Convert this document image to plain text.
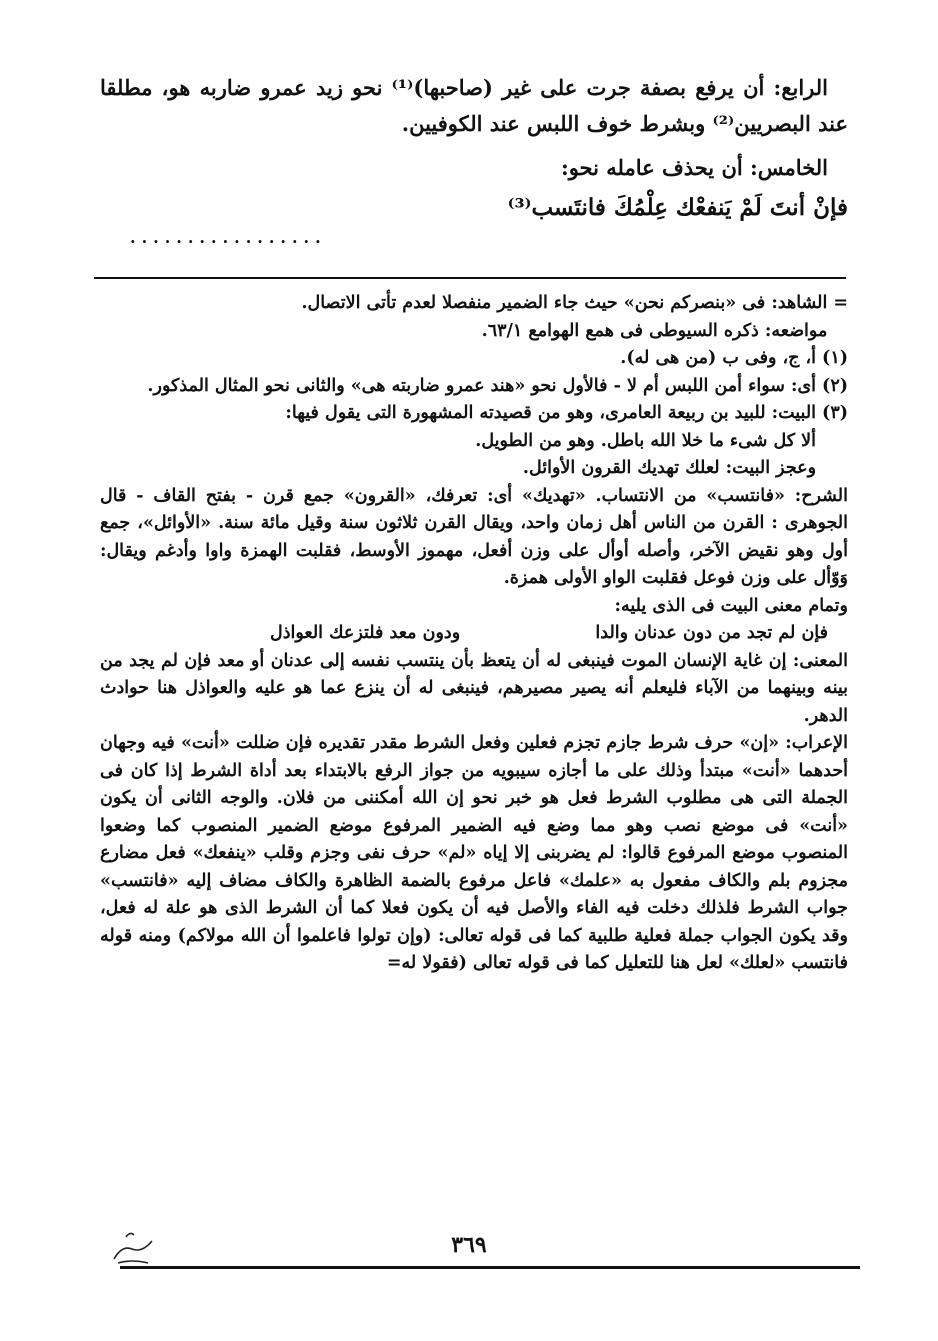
الرابع: أن يرفع بصفة جرت على غير (صاحبها)⁽¹⁾ نحو زيد عمرو ضاربه هو، مطلقا عند البصريين⁽²⁾ وبشرط خوف اللبس عند الكوفيين.
الخامس: أن يحذف عامله نحو:
فإنْ أنتَ لَمْ يَنفعْك عِلْمُكَ فانتَسب⁽³⁾
.................
=
الشاهد: فى «بنصركم نحن» حيث جاء الضمير منفصلا لعدم تأتى الاتصال.
مواضعه: ذكره السيوطى فى همع الهوامع ٦٣/١.
(١)
أ، ج، وفى ب (من هى له).
(٢)
أى: سواء أمن اللبس أم لا - فالأول نحو «هند عمرو ضاربته هى» والثانى نحو المثال المذكور.
(٣)
البيت: للبيد بن ربيعة العامرى، وهو من قصيدته المشهورة التى يقول فيها:
ألا كل شىء ما خلا الله باطل. وهو من الطويل.
وعجز البيت: لعلك تهديك القرون الأوائل.
الشرح: «فانتسب» من الانتساب. «تهديك» أى: تعرفك، «القرون» جمع قرن - بفتح القاف - قال الجوهرى : القرن من الناس أهل زمان واحد، ويقال القرن ثلاثون سنة وقيل مائة سنة. «الأوائل»، جمع أول وهو نقيض الآخر، وأصله أوأل على وزن أفعل، مهموز الأوسط، فقلبت الهمزة واوا وأدغم ويقال: وَوّأل على وزن فوعل فقلبت الواو الأولى همزة.
وتمام معنى البيت فى الذى يليه:
فإن لم تجد من دون عدنان والدا
ودون معد فلتزعك العواذل
المعنى: إن غاية الإنسان الموت فينبغى له أن يتعظ بأن ينتسب نفسه إلى عدنان أو معد فإن لم يجد من بينه وبينهما من الآباء فليعلم أنه يصير مصيرهم، فينبغى له أن ينزع عما هو عليه والعواذل هنا حوادث الدهر.
الإعراب: «إن» حرف شرط جازم تجزم فعلين وفعل الشرط مقدر تقديره فإن ضللت «أنت» فيه وجهان أحدهما «أنت» مبتدأ وذلك على ما أجازه سيبويه من جواز الرفع بالابتداء بعد أداة الشرط إذا كان فى الجملة التى هى مطلوب الشرط فعل هو خبر نحو إن الله أمكننى من فلان. والوجه الثانى أن يكون «أنت» فى موضع نصب وهو مما وضع فيه الضمير المرفوع موضع الضمير المنصوب كما وضعوا المنصوب موضع المرفوع قالوا: لم يضربنى إلا إياه «لم» حرف نفى وجزم وقلب «ينفعك» فعل مضارع مجزوم بلم والكاف مفعول به «علمك» فاعل مرفوع بالضمة الظاهرة والكاف مضاف إليه «فانتسب» جواب الشرط فلذلك دخلت فيه الفاء والأصل فيه أن يكون فعلا كما أن الشرط الذى هو علة له فعل، وقد يكون الجواب جملة فعلية طلبية كما فى قوله تعالى: (وإن تولوا فاعلموا أن الله مولاكم) ومنه قوله فانتسب «لعلك» لعل هنا للتعليل كما فى قوله تعالى (فقولا له=
٣٦٩
